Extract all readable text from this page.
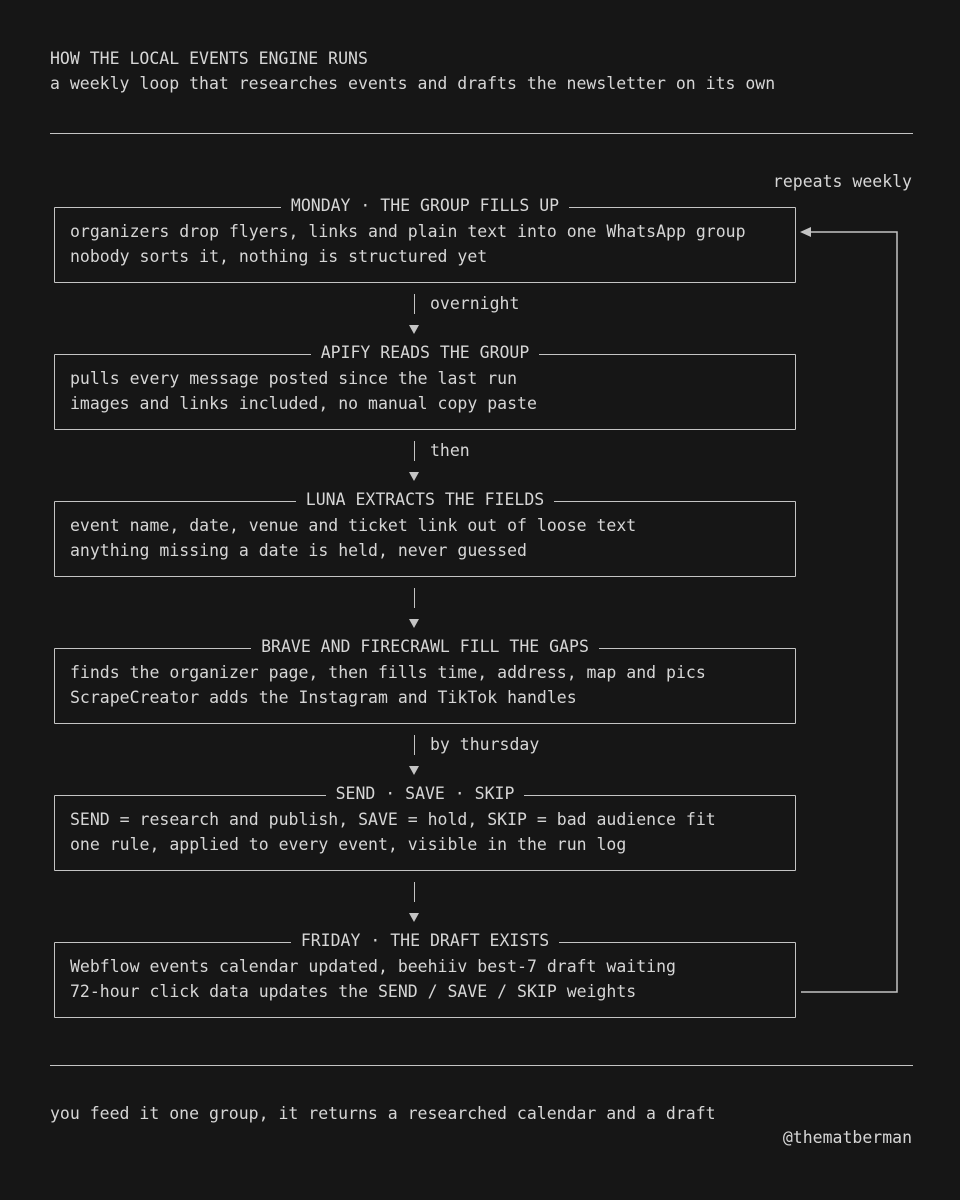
HOW THE LOCAL EVENTS ENGINE RUNS
a weekly loop that researches events and drafts the newsletter on its own
repeats weekly
MONDAY · THE GROUP FILLS UP
organizers drop flyers, links and plain text into one WhatsApp group
nobody sorts it, nothing is structured yet
APIFY READS THE GROUP
pulls every message posted since the last run
images and links included, no manual copy paste
LUNA EXTRACTS THE FIELDS
event name, date, venue and ticket link out of loose text
anything missing a date is held, never guessed
BRAVE AND FIRECRAWL FILL THE GAPS
finds the organizer page, then fills time, address, map and pics
ScrapeCreator adds the Instagram and TikTok handles
SEND · SAVE · SKIP
SEND = research and publish, SAVE = hold, SKIP = bad audience fit
one rule, applied to every event, visible in the run log
FRIDAY · THE DRAFT EXISTS
Webflow events calendar updated, beehiiv best-7 draft waiting
72-hour click data updates the SEND / SAVE / SKIP weights
overnight
then
by thursday
you feed it one group, it returns a researched calendar and a draft
@thematberman
